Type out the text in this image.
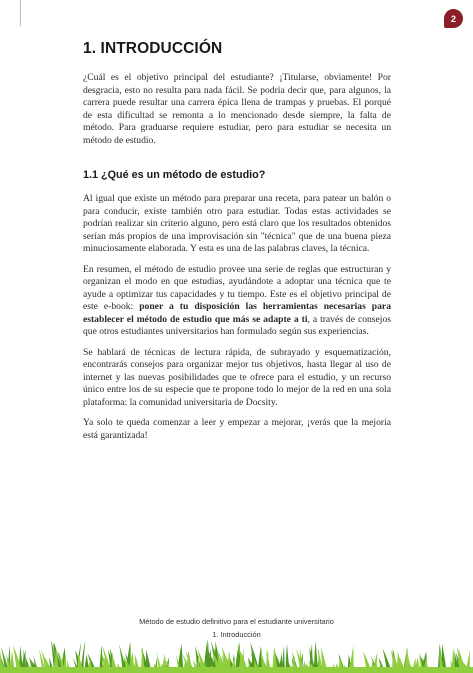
2
1. INTRODUCCIÓN

¿Cuál es el objetivo principal del estudiante? ¡Titularse, obviamente! Por desgracia, esto no resulta para nada fácil. Se podría decir que, para algunos, la carrera puede resultar una carrera épica llena de trampas y pruebas. El porqué de esta dificultad se remonta a lo mencionado desde siempre, la falta de método. Para graduarse requiere estudiar, pero para estudiar se necesita un método de estudio.

1.1 ¿Qué es un método de estudio?

Al igual que existe un método para preparar una receta, para patear un balón o para conducir, existe también otro para estudiar. Todas estas actividades se podrían realizar sin criterio alguno, pero está claro que los resultados obtenidos serían más propios de una improvisación sin "técnica" que de una buena pieza minuciosamente elaborada. Y esta es una de las palabras claves, la técnica.

En resumen, el método de estudio provee una serie de reglas que estructuran y organizan el modo en que estudias, ayudándote a adoptar una técnica que te ayude a optimizar tus capacidades y tu tiempo. Este es el objetivo principal de este e-book: poner a tu disposición las herramientas necesarias para establecer el método de estudio que más se adapte a ti, a través de consejos que otros estudiantes universitarios han formulado según sus experiencias.

Se hablará de técnicas de lectura rápida, de subrayado y esquematización, encontrarás consejos para organizar mejor tus objetivos, hasta llegar al uso de internet y las nuevas posibilidades que te ofrece para el estudio, y un recurso único entre los de su especie que te propone todo lo mejor de la red en una sola plataforma: la comunidad universitaria de Docsity.

Ya solo te queda comenzar a leer y empezar a mejorar, ¡verás que la mejoría está garantizada!

Método de estudio definitivo para el estudiante universitario
1. Introducción
